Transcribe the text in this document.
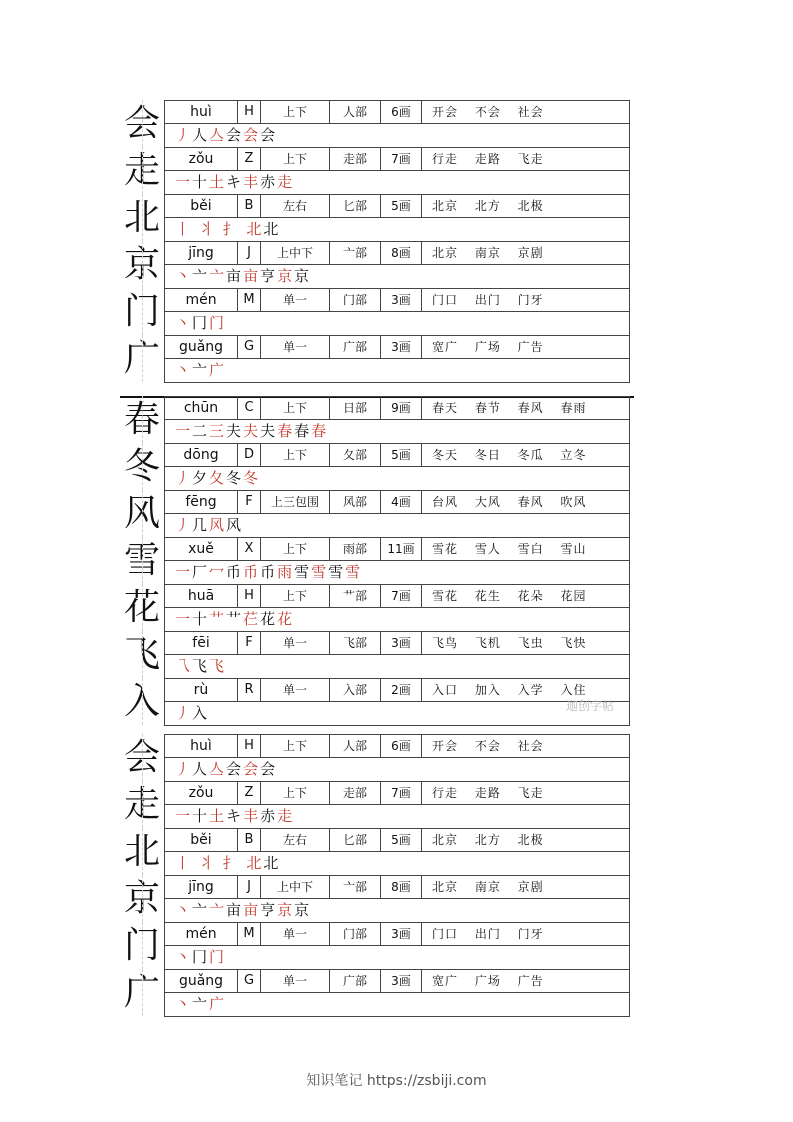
会	huì	H	上下	人部	6画	开会 不会 社会
丿人亼会会会
走	zǒu	Z	上下	走部	7画	行走 走路 飞走
一十土キ丰赤走
北	běi	B	左右	匕部	5画	北京 北方 北极
丨 丬 扌 北北
京	jīng	J	上中下	亠部	8画	北京 南京 京剧
丶亠亠亩亩亨京京
门	mén	M	单一	门部	3画	门口 出门 门牙
丶冂门
广	guǎng	G	单一	广部	3画	宽广 广场 广告
丶亠广
春	chūn	C	上下	日部	9画	春天 春节 春风 春雨
一二三夫夫夫春春春
冬	dōng	D	上下	夂部	5画	冬天 冬日 冬瓜 立冬
丿夕夂冬冬
风	fēng	F	上三包围	风部	4画	台风 大风 春风 吹风
丿几风风
雪	xuě	X	上下	雨部	11画	雪花 雪人 雪白 雪山
一厂冖币币币雨雪雪雪雪
花	huā	H	上下	艹部	7画	雪花 花生 花朵 花园
一十艹艹芢花花
飞	fēi	F	单一	飞部	3画	飞鸟 飞机 飞虫 飞快
乁飞飞
入	rù	R	单一	入部	2画	入口 加入 入学 入住
丿入	迦创字帖
会	huì	H	上下	人部	6画	开会 不会 社会
丿人亼会会会
走	zǒu	Z	上下	走部	7画	行走 走路 飞走
一十土キ丰赤走
北	běi	B	左右	匕部	5画	北京 北方 北极
丨 丬 扌 北北
京	jīng	J	上中下	亠部	8画	北京 南京 京剧
丶亠亠亩亩亨京京
门	mén	M	单一	门部	3画	门口 出门 门牙
丶冂门
广	guǎng	G	单一	广部	3画	宽广 广场 广告
丶亠广
知识笔记 https://zsbiji.com
